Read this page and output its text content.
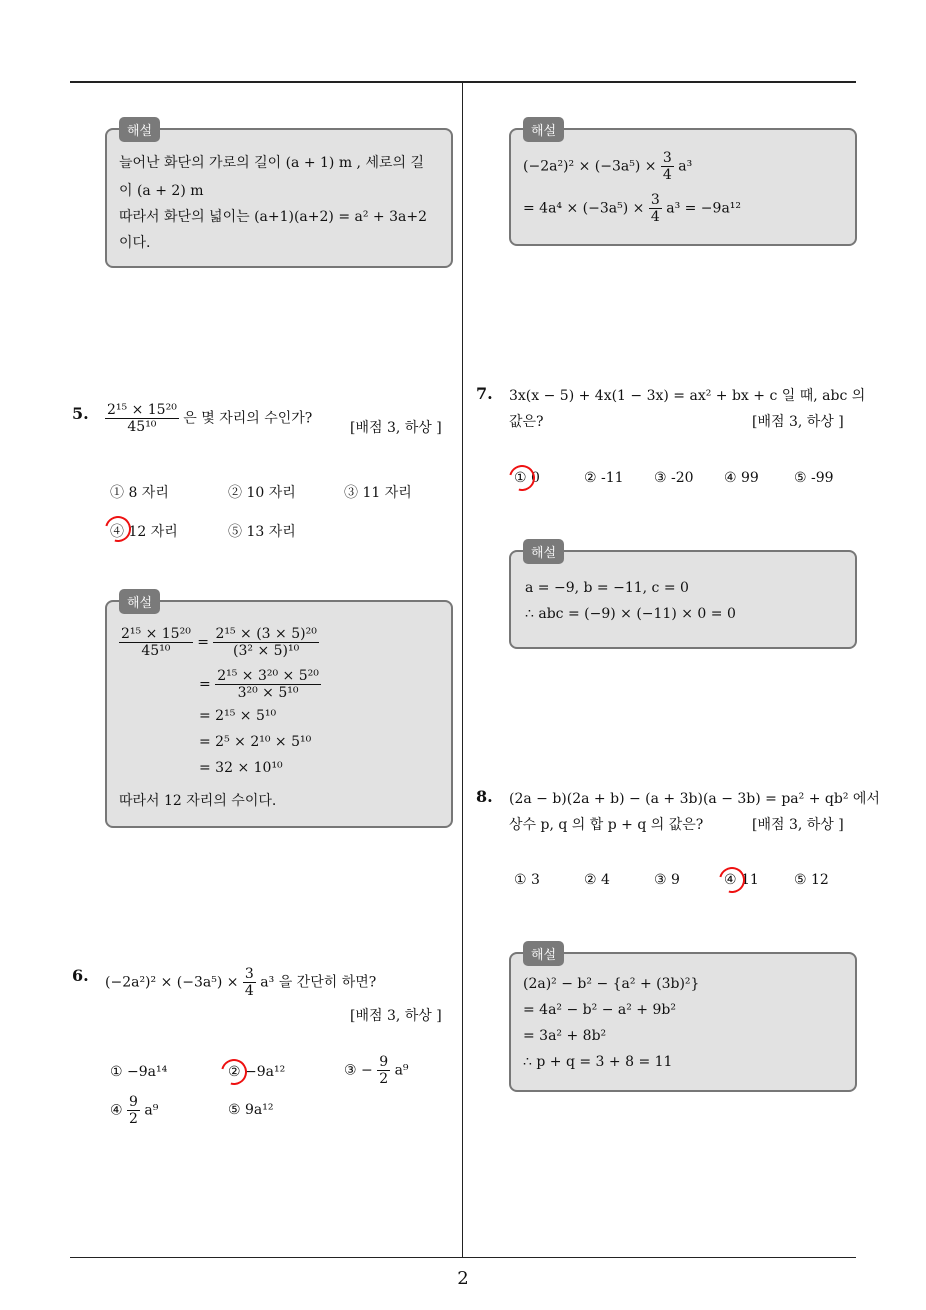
해설
늘어난 화단의 가로의 길이 (a + 1) m , 세로의 길
이 (a + 2) m
따라서 화단의 넓이는 (a+1)(a+2) = a² + 3a+2
이다.
5. $\frac{\text{2¹⁵ × 15²⁰}}{\text{45¹⁰}}$ 은 몇 자리의 수인가?
[배점 3, 하상 ]
① 8 자리	② 10 자리	③ 11 자리
④ 12 자리	⑤ 13 자리
해설
$\frac{\text{2¹⁵ × 15²⁰}}{\text{45¹⁰}} = \frac{\text{2¹⁵ × (3 × 5)²⁰}}{\text{(3² × 5)¹⁰}}$
= $\frac{\text{2¹⁵ × 3²⁰ × 5²⁰}}{\text{3²⁰ × 5¹⁰}}$
= 2¹⁵ × 5¹⁰
= 2⁵ × 2¹⁰ × 5¹⁰
= 32 × 10¹⁰
따라서 12 자리의 수이다.
6. $(-2a^2)^2 \times (-3a^5) \times \frac{3}{4} a^3$ 을 간단히 하면?
[배점 3, 하상 ]
① −9a¹⁴	② −9a¹²	③ − $\frac{9}{2} a^9$
④ $\frac{9}{2} a^9$	⑤ 9a¹²
해설
$(-2a^2)^2 \times (-3a^5) \times \frac{3}{4} a^3$
= $4a^4 \times (-3a^5) \times \frac{3}{4} a^3 = -9a^{12}$
7. 3x(x − 5) + 4x(1 − 3x) = ax² + bx + c 일 때, abc 의
값은?	[배점 3, 하상 ]
① 0	② -11 ③ -20 ④ 99	⑤ -99
해설
a = −9, b = −11, c = 0
∴ abc = (−9) × (−11) × 0 = 0
8. (2a − b)(2a + b) − (a + 3b)(a − 3b) = pa² + qb² 에서
상수 p, q 의 합 p + q 의 값은?	[배점 3, 하상 ]
① 3	② 4	③ 9	④ 11	⑤ 12
해설
(2a)² − b² − {a² + (3b)²}
= 4a² − b² − a² + 9b²
= 3a² + 8b²
∴ p + q = 3 + 8 = 11
2
